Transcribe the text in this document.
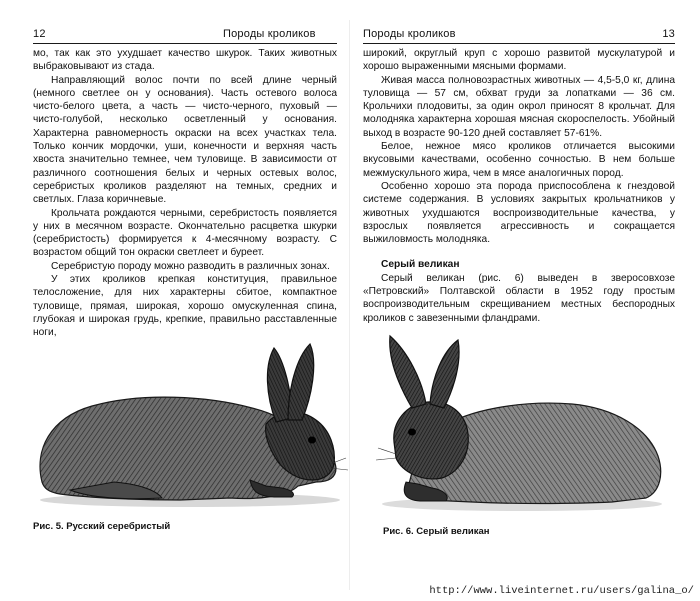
12	Породы кроликов

мо, так как это ухудшает качество шкурок. Таких животных выбраковывают из стада.

Направляющий волос почти по всей длине черный (немного светлее он у основания). Часть остевого волоса чисто-белого цвета, а часть — чисто-черного, пуховый — чисто-голубой, несколько осветленный у основания. Характерна равномерность окраски на всех участках тела. Только кончик мордочки, уши, конечности и верхняя часть хвоста значительно темнее, чем туловище. В зависимости от различного соотношения белых и черных остевых волос, серебристых кроликов разделяют на темных, средних и светлых. Глаза коричневые.

Крольчата рождаются черными, серебристость появляется у них в месячном возрасте. Окончательно расцветка шкурки (серебристость) формируется к 4-месячному возрасту. С возрастом общий тон окраски светлеет и буреет.

Серебристую породу можно разводить в различных зонах.

У этих кроликов крепкая конституция, правильное телосложение, для них характерны сбитое, компактное туловище, прямая, широкая, хорошо омускуленная спина, глубокая и широкая грудь, крепкие, правильно расставленные ноги,

Рис. 5. Русский серебристый
Породы кроликов	13

широкий, округлый круп с хорошо развитой мускулатурой и хорошо выраженными мясными формами.

Живая масса полновозрастных животных — 4,5-5,0 кг, длина туловища — 57 см, обхват груди за лопатками — 36 см. Крольчихи плодовиты, за один окрол приносят 8 крольчат. Для молодняка характерна хорошая мясная скороспелость. Убойный выход в возрасте 90-120 дней составляет 57-61%.

Белое, нежное мясо кроликов отличается высокими вкусовыми качествами, особенно сочностью. В нем больше межмускульного жира, чем в мясе аналогичных пород.

Особенно хорошо эта порода приспособлена к гнездовой системе содержания. В условиях закрытых крольчатников у животных ухудшаются воспроизводительные качества, у взрослых появляется агрессивность и сокращается выжиловмость молодняка.

Серый великан

Серый великан (рис. 6) выведен в зверосовхозе «Петровский» Полтавской области в 1952 году простым воспроизводительным скрещиванием местных беспородных кроликов с завезенными фландрами.

Рис. 6. Серый великан
http://www.liveinternet.ru/users/galina_o/
